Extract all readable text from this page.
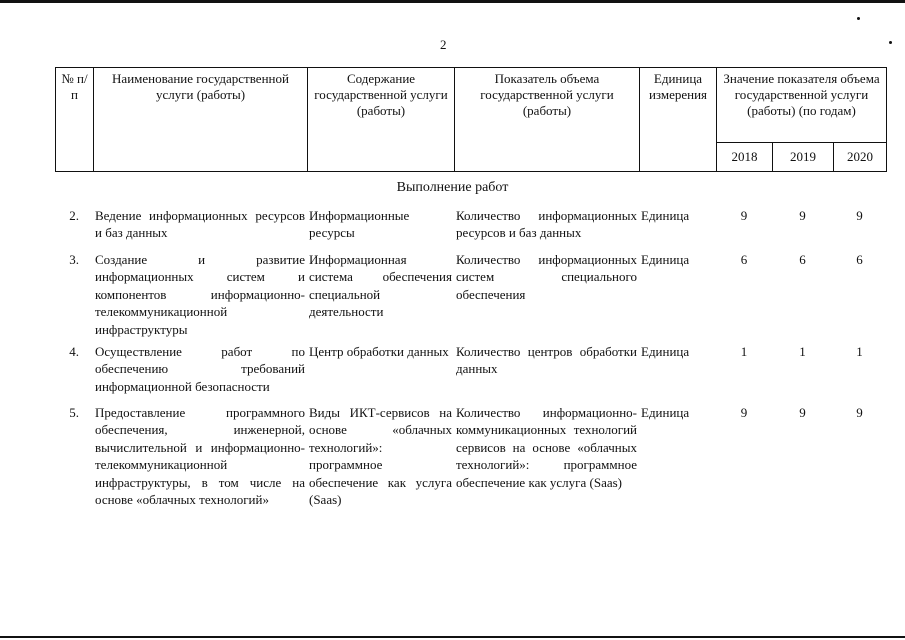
2
№ п/п	Наименование государственной услуги (работы)	Содержание государственной услуги (работы)	Показатель объема государственной услуги (работы)	Единица измерения	Значение показателя объема государственной услуги (работы) (по годам)		
					2018	2019	2020
Выполнение работ
2.	Ведение информационных ресурсов и баз данных	Информационные ресурсы	Количество информационных ресурсов и баз данных	Единица	9	9	9
3.	Создание и развитие информационных систем и компонентов информационно-телекоммуникационной инфраструктуры	Информационная система обеспечения специальной деятельности	Количество информационных систем специального обеспечения	Единица	6	6	6
4.	Осуществление работ по обеспечению требований информационной безопасности	Центр обработки данных	Количество центров обработки данных	Единица	1	1	1
5.	Предоставление программного обеспечения, инженерной, вычислительной и информационно-телекоммуникационной инфраструктуры, в том числе на основе «облачных технологий»	Виды ИКТ-сервисов на основе «облачных технологий»: программное обеспечение как услуга (Saas)	Количество информационно-коммуникационных технологий сервисов на основе «облачных технологий»: программное обеспечение как услуга (Saas)	Единица	9	9	9
